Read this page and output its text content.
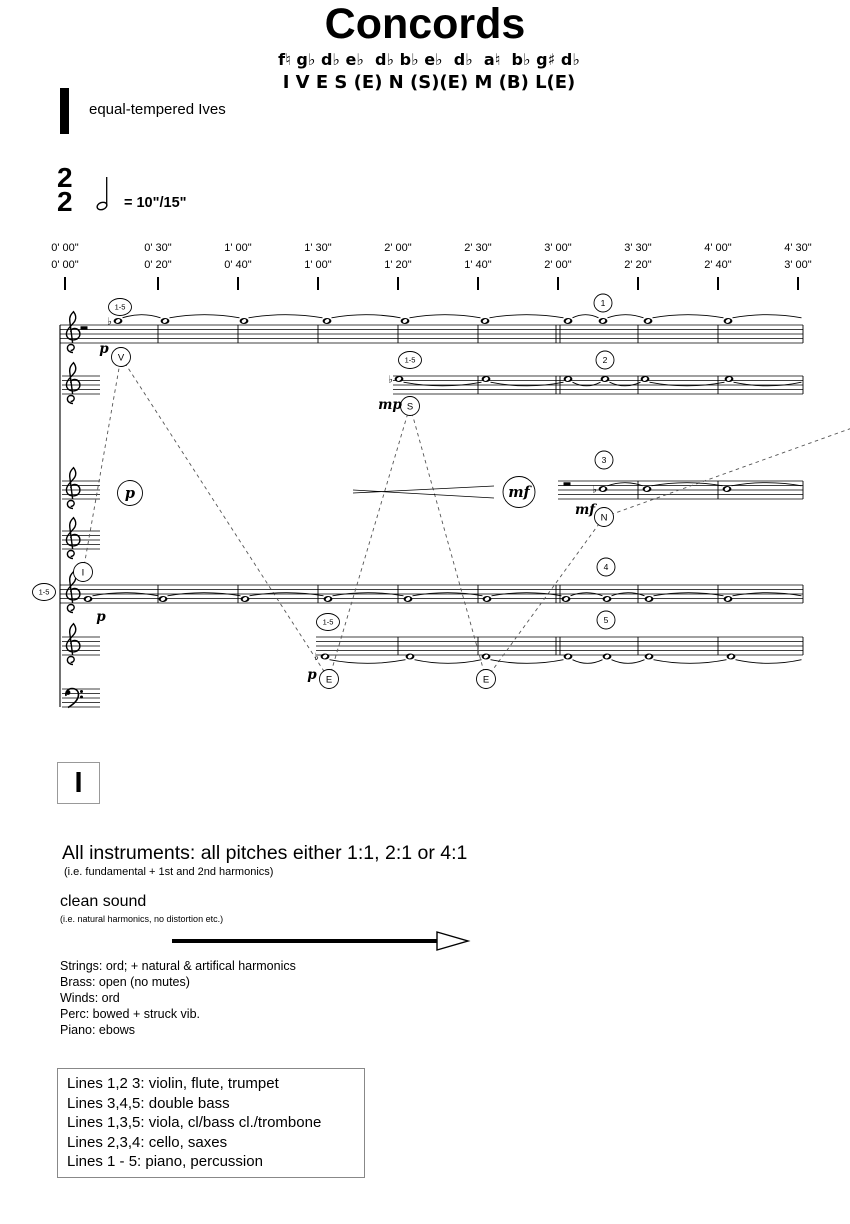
♭
♭
♭
♭
1-5
1-5
1-5
1-5
1
2
3
4
5
I
V
E
S
E
N
p	mf
p
mp
mf
p
p
Concords
f♮ g♭ d♭ e♭  d♭ b♭ e♭  d♭  a♮  b♭ g♯ d♭
I V E S (E) N (S)(E) M (B) L(E)
equal-tempered Ives
2
2	= 10"/15"
0' 00"
0' 00"
0' 30"
0' 20"
1' 00"
0' 40"
1' 30"
1' 00"
2' 00"
1' 20"
2' 30"
1' 40"
3' 00"
2' 00"
3' 30"
2' 20"
4' 00"
2' 40"
4' 30"
3' 00"
I
All instruments: all pitches either 1:1, 2:1 or 4:1
(i.e. fundamental + 1st and 2nd harmonics)
clean sound
(i.e. natural harmonics, no distortion etc.)
Strings: ord; + natural & artifical harmonics
Brass: open (no mutes)
Winds: ord
Perc: bowed + struck vib.
Piano: ebows
Lines 1,2 3: violin, flute, trumpet
Lines 3,4,5: double bass
Lines 1,3,5: viola, cl/bass cl./trombone
Lines 2,3,4: cello, saxes
Lines 1 - 5: piano, percussion
